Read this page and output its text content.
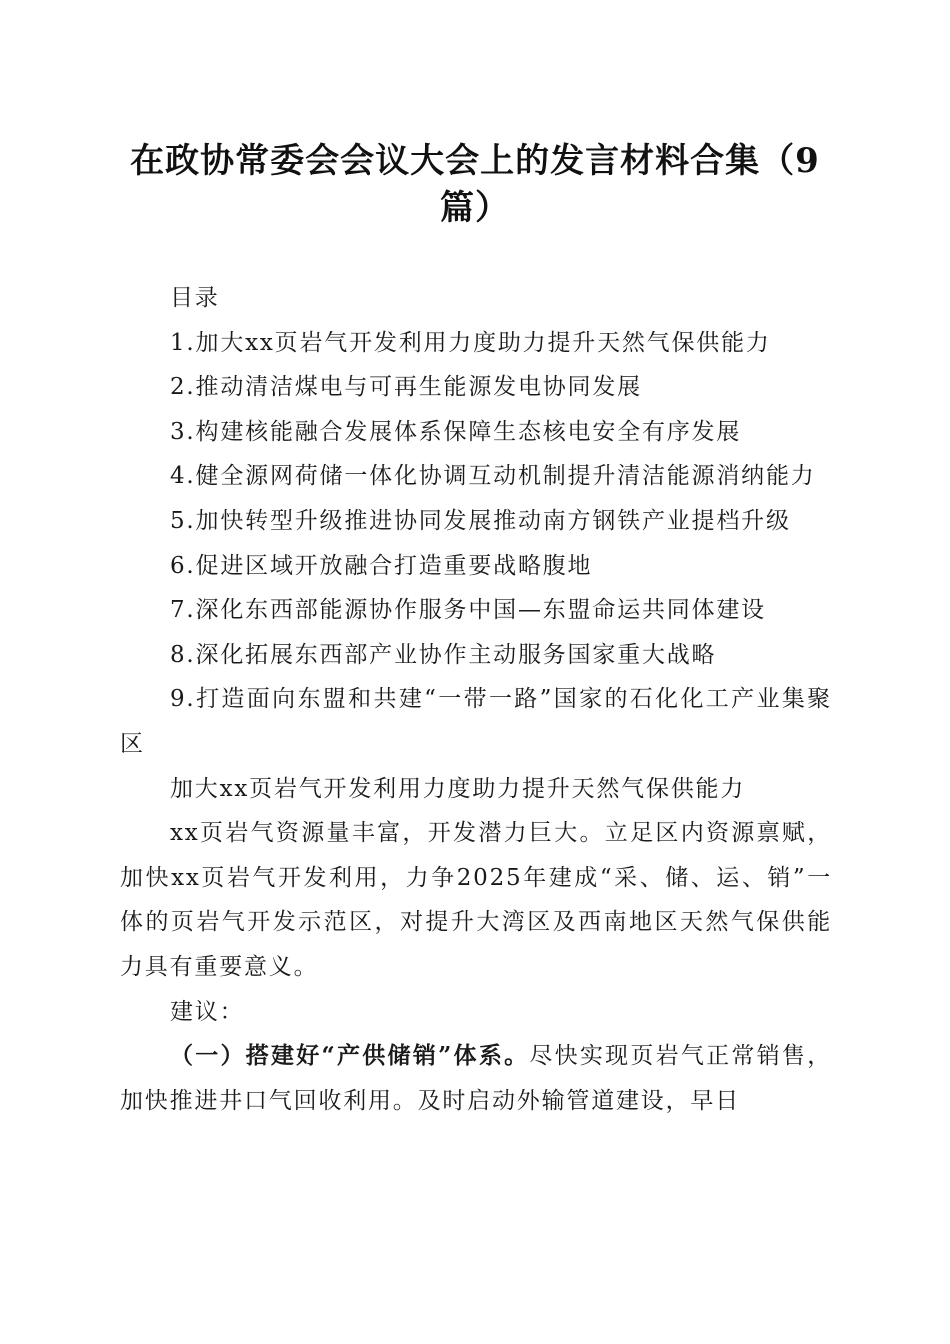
在政协常委会会议大会上的发言材料合集（9篇）

目录

1.加大xx页岩气开发利用力度助力提升天然气保供能力

2.推动清洁煤电与可再生能源发电协同发展

3.构建核能融合发展体系保障生态核电安全有序发展

4.健全源网荷储一体化协调互动机制提升清洁能源消纳能力

5.加快转型升级推进协同发展推动南方钢铁产业提档升级

6.促进区域开放融合打造重要战略腹地

7.深化东西部能源协作服务中国—东盟命运共同体建设

8.深化拓展东西部产业协作主动服务国家重大战略

9.打造面向东盟和共建“一带一路”国家的石化化工产业集聚区

加大xx页岩气开发利用力度助力提升天然气保供能力

xx页岩气资源量丰富，开发潜力巨大。立足区内资源禀赋，加快xx页岩气开发利用，力争2025年建成“采、储、运、销”一体的页岩气开发示范区，对提升大湾区及西南地区天然气保供能力具有重要意义。

建议：

（一）搭建好“产供储销”体系。尽快实现页岩气正常销售，加快推进井口气回收利用。及时启动外输管道建设，早日
